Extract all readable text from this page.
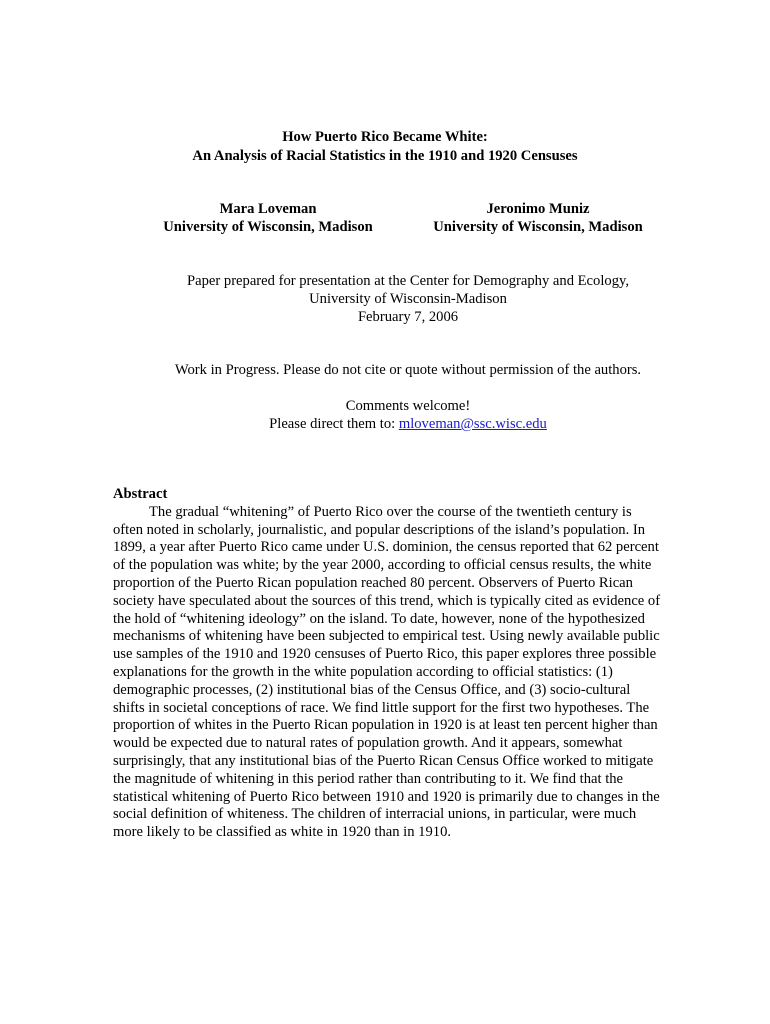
How Puerto Rico Became White:
An Analysis of Racial Statistics in the 1910 and 1920 Censuses
Mara Loveman
University of Wisconsin, Madison
Jeronimo Muniz
University of Wisconsin, Madison
Paper prepared for presentation at the Center for Demography and Ecology,
University of Wisconsin-Madison
February 7, 2006
Work in Progress. Please do not cite or quote without permission of the authors.
Comments welcome!
Please direct them to: mloveman@ssc.wisc.edu
Abstract

The gradual “whitening” of Puerto Rico over the course of the twentieth century is often noted in scholarly, journalistic, and popular descriptions of the island’s population. In 1899, a year after Puerto Rico came under U.S. dominion, the census reported that 62 percent of the population was white; by the year 2000, according to official census results, the white proportion of the Puerto Rican population reached 80 percent. Observers of Puerto Rican society have speculated about the sources of this trend, which is typically cited as evidence of the hold of “whitening ideology” on the island. To date, however, none of the hypothesized mechanisms of whitening have been subjected to empirical test. Using newly available public use samples of the 1910 and 1920 censuses of Puerto Rico, this paper explores three possible explanations for the growth in the white population according to official statistics: (1) demographic processes, (2) institutional bias of the Census Office, and (3) socio-cultural shifts in societal conceptions of race. We find little support for the first two hypotheses. The proportion of whites in the Puerto Rican population in 1920 is at least ten percent higher than would be expected due to natural rates of population growth. And it appears, somewhat surprisingly, that any institutional bias of the Puerto Rican Census Office worked to mitigate the magnitude of whitening in this period rather than contributing to it. We find that the statistical whitening of Puerto Rico between 1910 and 1920 is primarily due to changes in the social definition of whiteness. The children of interracial unions, in particular, were much more likely to be classified as white in 1920 than in 1910.
